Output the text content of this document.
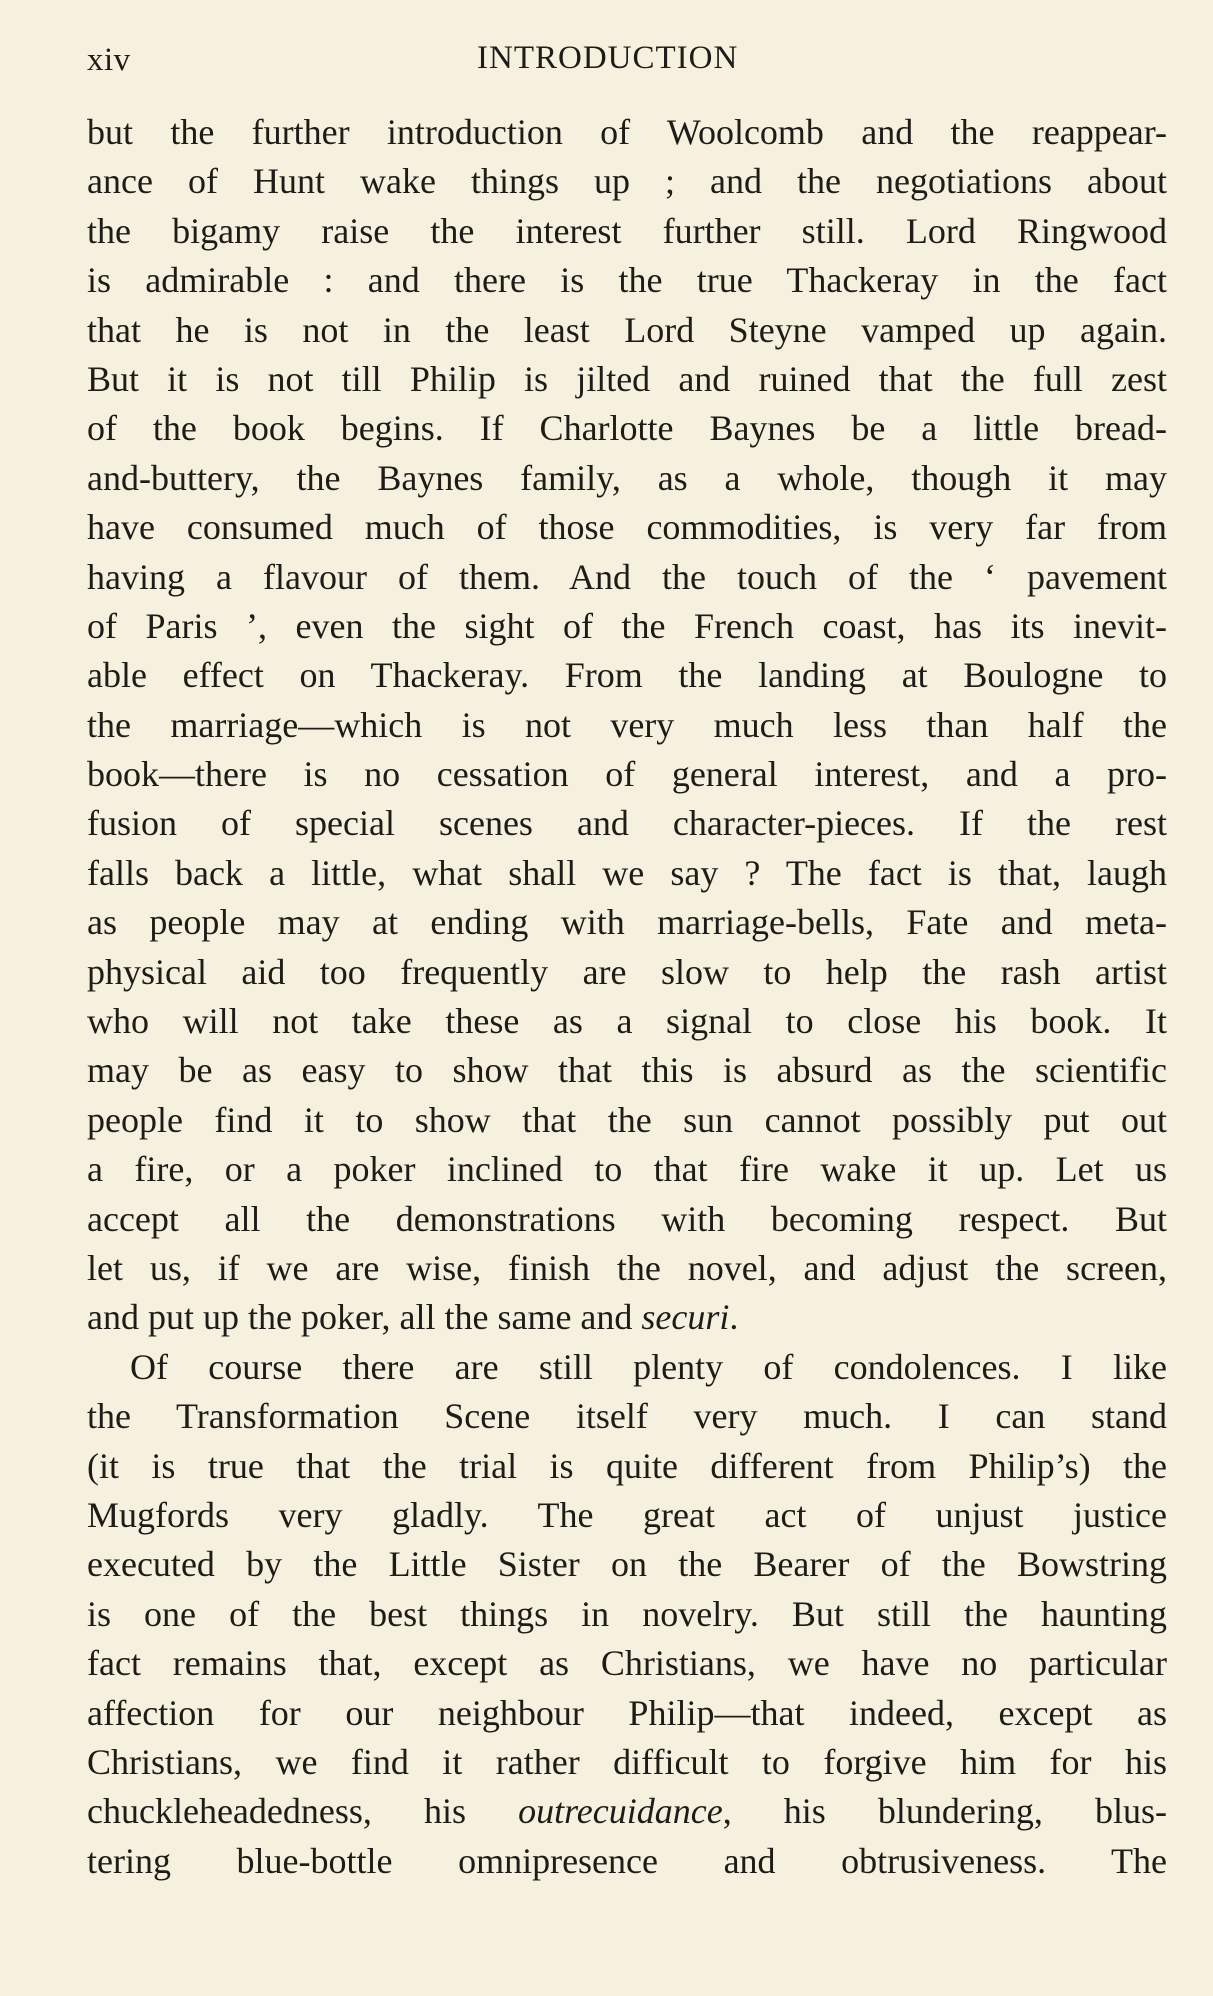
xiv	INTRODUCTION
but the further introduction of Woolcomb and the reappear-
ance of Hunt wake things up ; and the negotiations about
the bigamy raise the interest further still. Lord Ringwood
is admirable : and there is the true Thackeray in the fact
that he is not in the least Lord Steyne vamped up again.
But it is not till Philip is jilted and ruined that the full zest
of the book begins. If Charlotte Baynes be a little bread-
and-buttery, the Baynes family, as a whole, though it may
have consumed much of those commodities, is very far from
having a flavour of them. And the touch of the ‘ pavement
of Paris ’, even the sight of the French coast, has its inevit-
able effect on Thackeray. From the landing at Boulogne to
the marriage—which is not very much less than half the
book—there is no cessation of general interest, and a pro-
fusion of special scenes and character-pieces. If the rest
falls back a little, what shall we say ? The fact is that, laugh
as people may at ending with marriage-bells, Fate and meta-
physical aid too frequently are slow to help the rash artist
who will not take these as a signal to close his book. It
may be as easy to show that this is absurd as the scientific
people find it to show that the sun cannot possibly put out
a fire, or a poker inclined to that fire wake it up. Let us
accept all the demonstrations with becoming respect. But
let us, if we are wise, finish the novel, and adjust the screen,
and put up the poker, all the same and securi.
Of course there are still plenty of condolences. I like
the Transformation Scene itself very much. I can stand
(it is true that the trial is quite different from Philip’s) the
Mugfords very gladly. The great act of unjust justice
executed by the Little Sister on the Bearer of the Bowstring
is one of the best things in novelry. But still the haunting
fact remains that, except as Christians, we have no particular
affection for our neighbour Philip—that indeed, except as
Christians, we find it rather difficult to forgive him for his
chuckleheadedness, his outrecuidance, his blundering, blus-
tering blue-bottle omnipresence and obtrusiveness. The
